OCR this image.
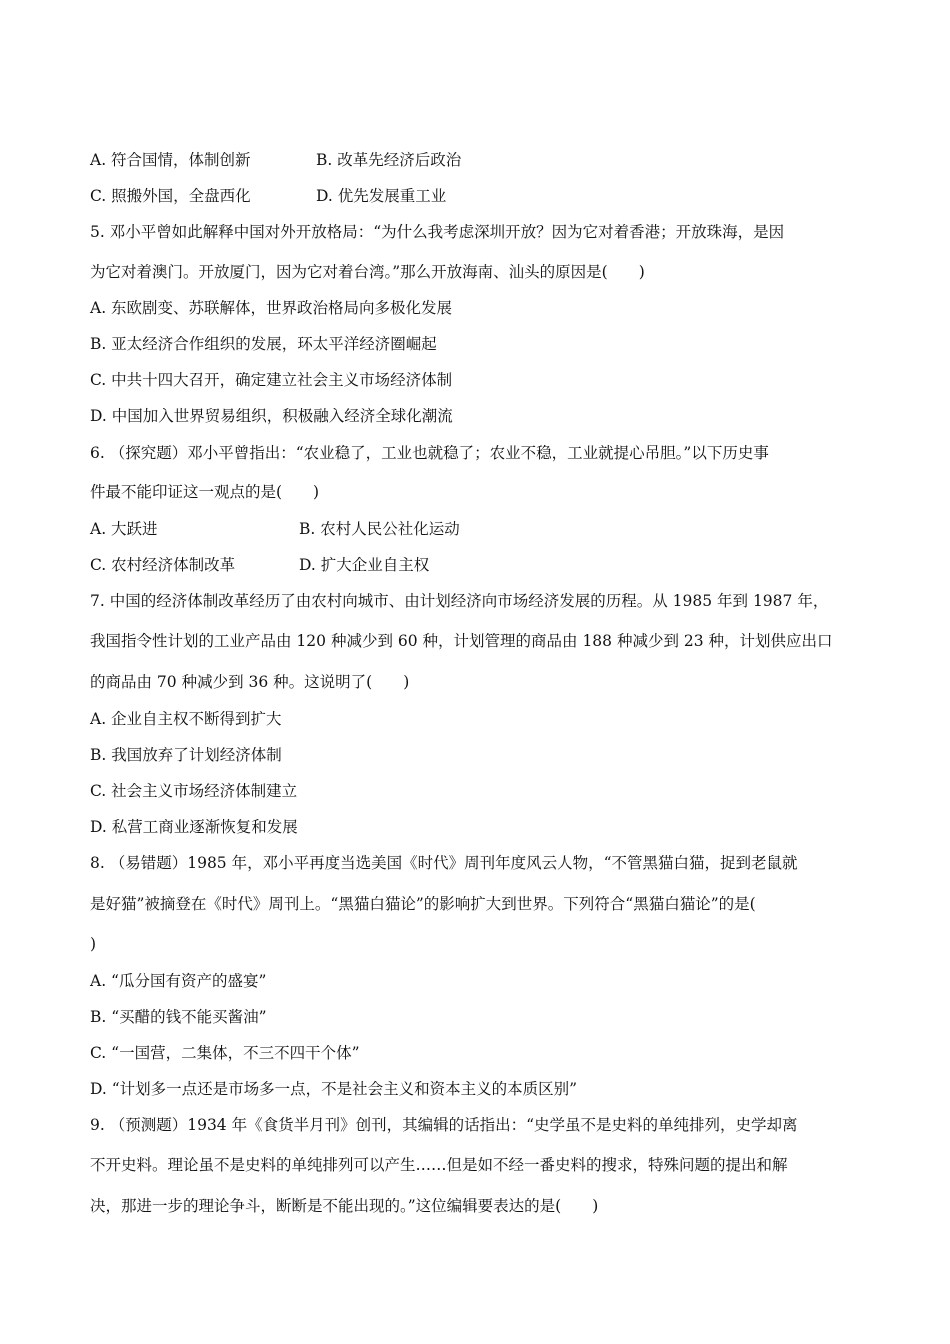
A. 符合国情，体制创新	B. 改革先经济后政治
C. 照搬外国，全盘西化	D. 优先发展重工业
5. 邓小平曾如此解释中国对外开放格局：“为什么我考虑深圳开放？因为它对着香港；开放珠海，是因
为它对着澳门。开放厦门，因为它对着台湾。”那么开放海南、汕头的原因是(　　)
A. 东欧剧变、苏联解体，世界政治格局向多极化发展
B. 亚太经济合作组织的发展，环太平洋经济圈崛起
C. 中共十四大召开，确定建立社会主义市场经济体制
D. 中国加入世界贸易组织，积极融入经济全球化潮流
6. （探究题）邓小平曾指出：“农业稳了，工业也就稳了；农业不稳，工业就提心吊胆。”以下历史事
件最不能印证这一观点的是(　　)
A. 大跃进	B. 农村人民公社化运动
C. 农村经济体制改革	D. 扩大企业自主权
7. 中国的经济体制改革经历了由农村向城市、由计划经济向市场经济发展的历程。从 1985 年到 1987 年，
我国指令性计划的工业产品由 120 种减少到 60 种，计划管理的商品由 188 种减少到 23 种，计划供应出口
的商品由 70 种减少到 36 种。这说明了(　　)
A. 企业自主权不断得到扩大
B. 我国放弃了计划经济体制
C. 社会主义市场经济体制建立
D. 私营工商业逐渐恢复和发展
8. （易错题）1985 年，邓小平再度当选美国《时代》周刊年度风云人物，“不管黑猫白猫，捉到老鼠就
是好猫”被摘登在《时代》周刊上。“黑猫白猫论”的影响扩大到世界。下列符合“黑猫白猫论”的是(
)
A. “瓜分国有资产的盛宴”
B. “买醋的钱不能买酱油”
C. “一国营，二集体，不三不四干个体”
D. “计划多一点还是市场多一点，不是社会主义和资本主义的本质区别”
9. （预测题）1934 年《食货半月刊》创刊，其编辑的话指出：“史学虽不是史料的单纯排列，史学却离
不开史料。理论虽不是史料的单纯排列可以产生……但是如不经一番史料的搜求，特殊问题的提出和解
决，那进一步的理论争斗，断断是不能出现的。”这位编辑要表达的是(　　)
